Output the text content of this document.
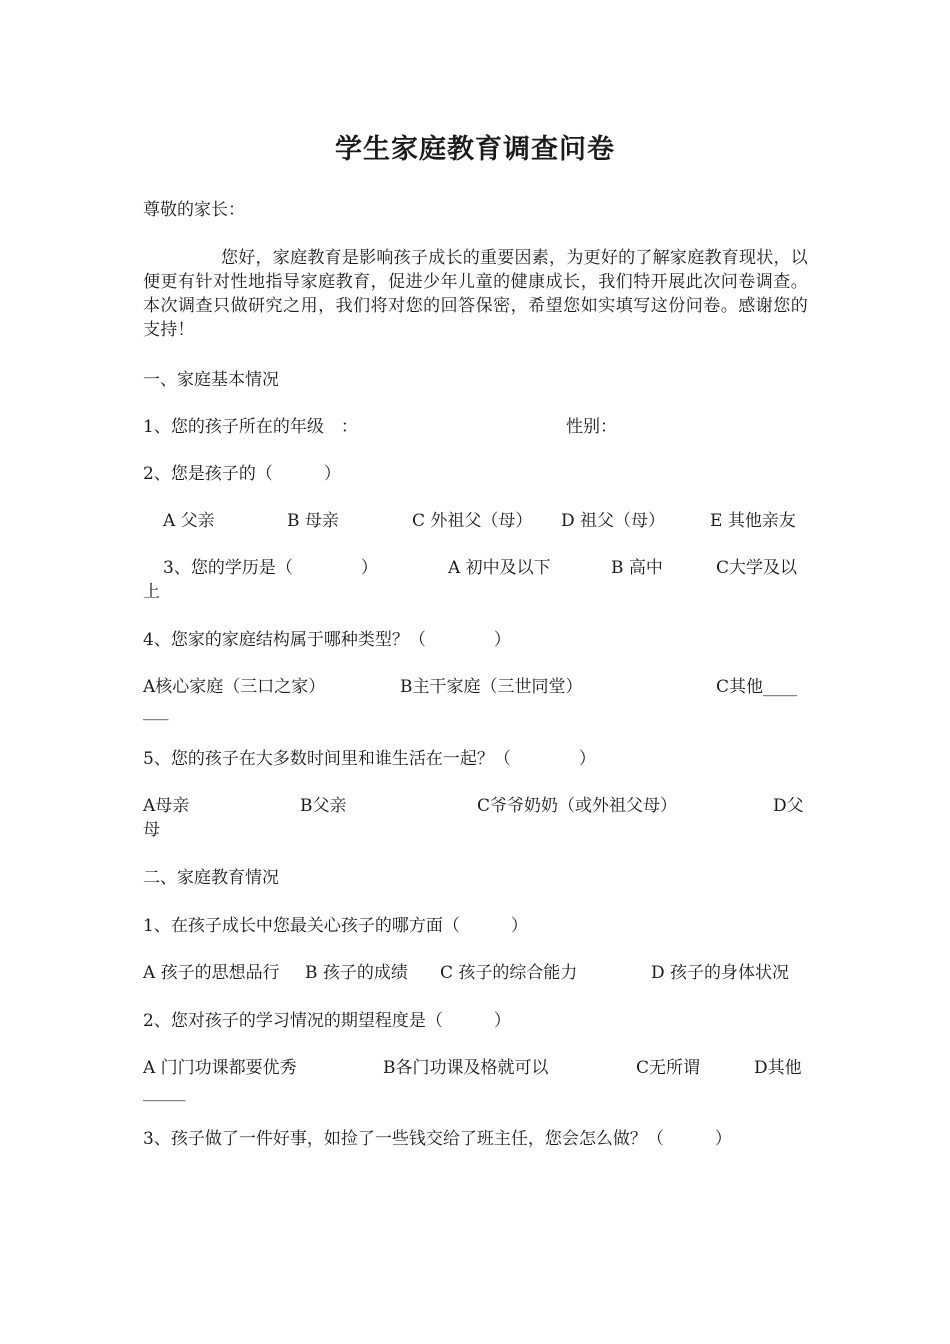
学生家庭教育调查问卷
尊敬的家长：
您好，家庭教育是影响孩子成长的重要因素，为更好的了解家庭教育现状，以便更有针对性地指导家庭教育，促进少年儿童的健康成长，我们特开展此次问卷调查。本次调查只做研究之用，我们将对您的回答保密，希望您如实填写这份问卷。感谢您的支持！
一、家庭基本情况
1、您的孩子所在的年级　：	性别：
2、您是孩子的（　　　）
A 父亲	B 母亲	C 外祖父（母） D 祖父（母）	E 其他亲友
3、您的学历是（　　　　）	A 初中及以下	B 高中	C大学及以
上
4、您家的家庭结构属于哪种类型？（　　　　）
A核心家庭（三口之家）	B主干家庭（三世同堂）	C其他____
___
5、您的孩子在大多数时间里和谁生活在一起？（　　　　）
A母亲	B父亲	C爷爷奶奶（或外祖父母）	D父
母
二、家庭教育情况
1、在孩子成长中您最关心孩子的哪方面（　　　）
A 孩子的思想品行 B 孩子的成绩 C 孩子的综合能力	D 孩子的身体状况
2、您对孩子的学习情况的期望程度是（　　　）
A 门门功课都要优秀	B各门功课及格就可以	C无所谓	D其他
_____
3、孩子做了一件好事，如捡了一些钱交给了班主任，您会怎么做？（　　　）
